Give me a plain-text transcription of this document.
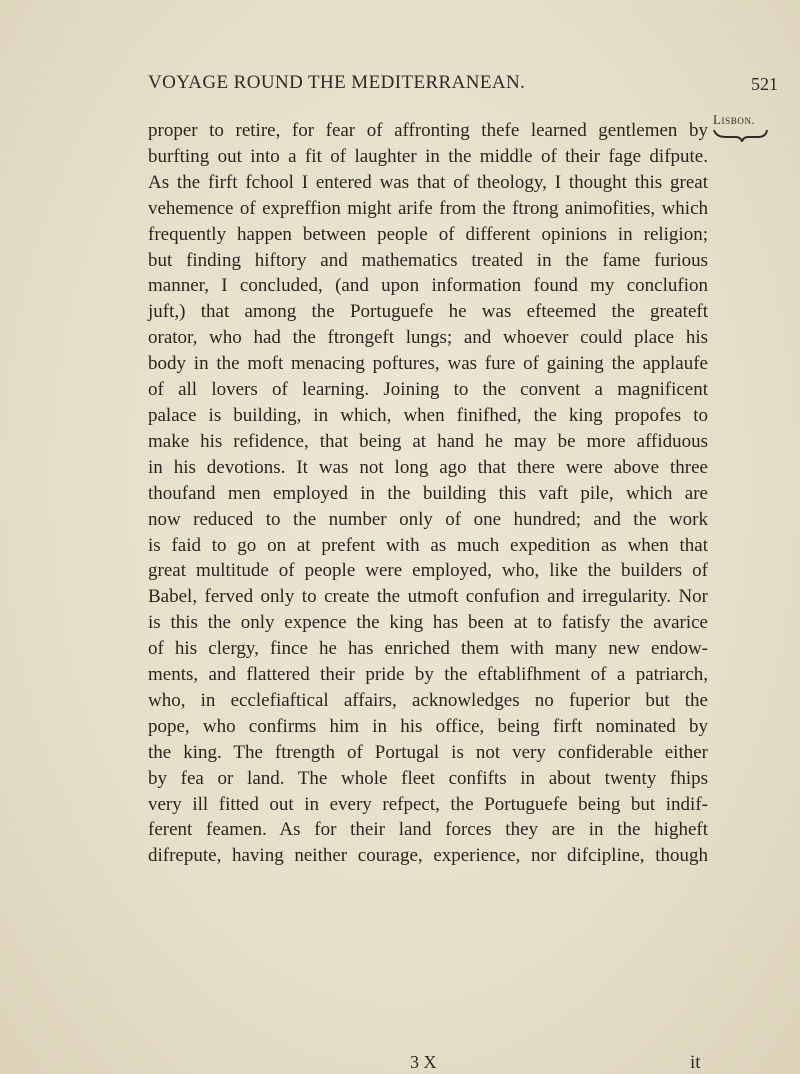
VOYAGE ROUND THE MEDITERRANEAN.	521
Lisbon.
proper to retire, for fear of affronting thefe learned gentlemen by
burfting out into a fit of laughter in the middle of their fage difpute.
As the firft fchool I entered was that of theology, I thought this great
vehemence of expreffion might arife from the ftrong animofities, which
frequently happen between people of different opinions in religion;
but finding hiftory and mathematics treated in the fame furious
manner, I concluded, (and upon information found my conclufion
juft,) that among the Portuguefe he was efteemed the greateft
orator, who had the ftrongeft lungs; and whoever could place his
body in the moft menacing poftures, was fure of gaining the applaufe
of all lovers of learning. Joining to the convent a magnificent
palace is building, in which, when finifhed, the king propofes to
make his refidence, that being at hand he may be more affiduous
in his devotions. It was not long ago that there were above three
thoufand men employed in the building this vaft pile, which are
now reduced to the number only of one hundred; and the work
is faid to go on at prefent with as much expedition as when that
great multitude of people were employed, who, like the builders of
Babel, ferved only to create the utmoft confufion and irregularity. Nor
is this the only expence the king has been at to fatisfy the avarice
of his clergy, fince he has enriched them with many new endow-
ments, and flattered their pride by the eftablifhment of a patriarch,
who, in ecclefiaftical affairs, acknowledges no fuperior but the
pope, who confirms him in his office, being firft nominated by
the king. The ftrength of Portugal is not very confiderable either
by fea or land. The whole fleet confifts in about twenty fhips
very ill fitted out in every refpect, the Portuguefe being but indif-
ferent feamen. As for their land forces they are in the higheft
difrepute, having neither courage, experience, nor difcipline, though
3 X	it
